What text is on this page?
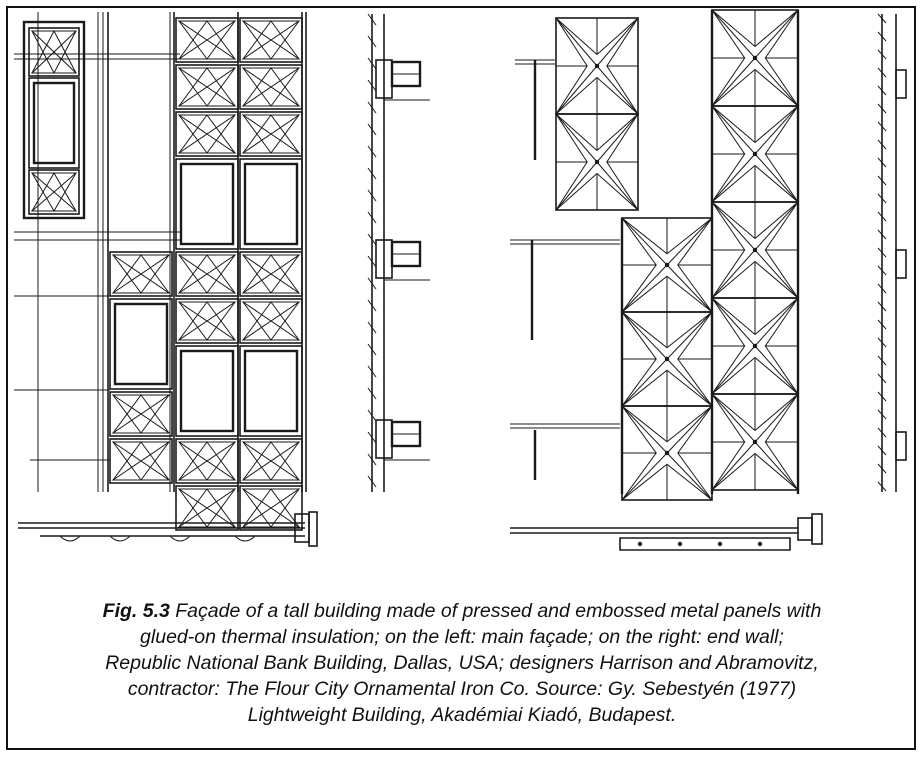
Fig. 5.3 Façade of a tall building made of pressed and embossed metal panels with
glued-on thermal insulation; on the left: main façade; on the right: end wall;
Republic National Bank Building, Dallas, USA; designers Harrison and Abramovitz,
contractor: The Flour City Ornamental Iron Co. Source: Gy. Sebestyén (1977)
Lightweight Building, Akadémiai Kiadó, Budapest.
